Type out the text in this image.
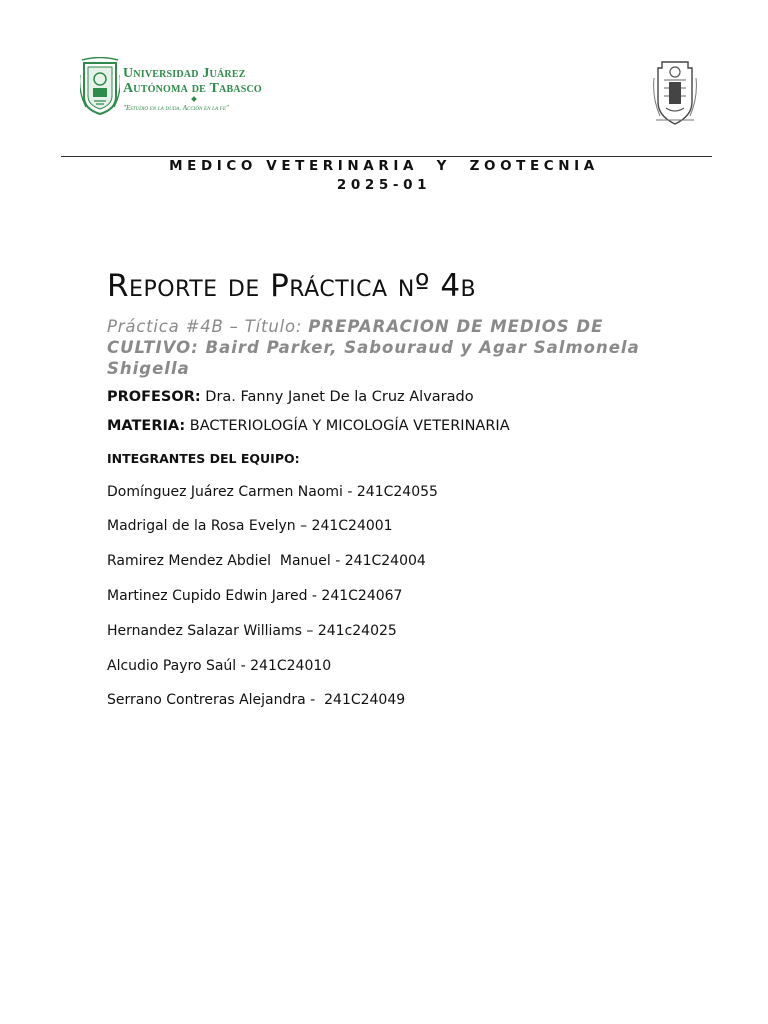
Universidad Juárez
Autónoma de Tabasco
"Estudio en la duda. Acción en la fe"
MEDICO VETERINARIA  Y  ZOOTECNIA
2025-01
Reporte de Práctica nº 4b
Práctica #4B – Título: PREPARACION DE MEDIOS DE CULTIVO: Baird Parker, Sabouraud y Agar Salmonela Shigella
PROFESOR: Dra. Fanny Janet De la Cruz Alvarado
MATERIA: BACTERIOLOGÍA Y MICOLOGÍA VETERINARIA
INTEGRANTES DEL EQUIPO:
Domínguez Juárez Carmen Naomi - 241C24055
Madrigal de la Rosa Evelyn – 241C24001
Ramirez Mendez Abdiel  Manuel - 241C24004
Martinez Cupido Edwin Jared - 241C24067
Hernandez Salazar Williams – 241c24025
Alcudio Payro Saúl - 241C24010
Serrano Contreras Alejandra -  241C24049
